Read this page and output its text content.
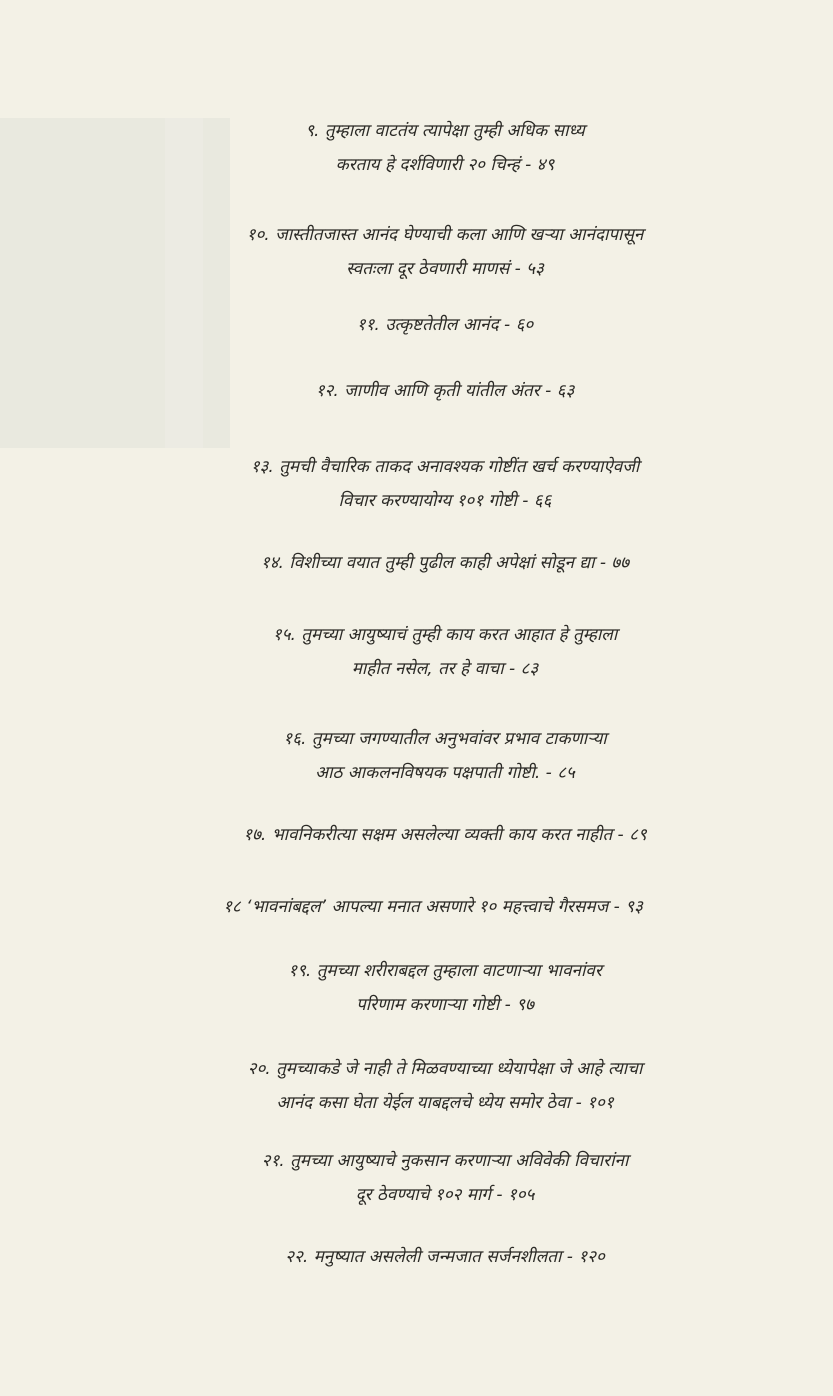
९. तुम्हाला वाटतंय त्यापेक्षा तुम्ही अधिक साध्य
करताय हे दर्शविणारी २० चिन्हं - ४९
१०. जास्तीतजास्त आनंद घेण्याची कला आणि खऱ्या आनंदापासून
स्वतःला दूर ठेवणारी माणसं - ५३
११. उत्कृष्टतेतील आनंद - ६०
१२. जाणीव आणि कृती यांतील अंतर - ६३
१३. तुमची वैचारिक ताकद अनावश्यक गोष्टींत खर्च करण्याऐवजी
विचार करण्यायोग्य १०१ गोष्टी - ६६
१४. विशीच्या वयात तुम्ही पुढील काही अपेक्षां सोडून द्या - ७७
१५. तुमच्या आयुष्याचं तुम्ही काय करत आहात हे तुम्हाला
माहीत नसेल, तर हे वाचा - ८३
१६. तुमच्या जगण्यातील अनुभवांवर प्रभाव टाकणाऱ्या
आठ आकलनविषयक पक्षपाती गोष्टी. - ८५
१७. भावनिकरीत्या सक्षम असलेल्या व्यक्ती काय करत नाहीत - ८९
१८ ‘भावनांबद्दल’ आपल्या मनात असणारे १० महत्त्वाचे गैरसमज - ९३
१९. तुमच्या शरीराबद्दल तुम्हाला वाटणाऱ्या भावनांवर
परिणाम करणाऱ्या गोष्टी - ९७
२०. तुमच्याकडे जे नाही ते मिळवण्याच्या ध्येयापेक्षा जे आहे त्याचा
आनंद कसा घेता येईल याबद्दलचे ध्येय समोर ठेवा - १०१
२१. तुमच्या आयुष्याचे नुकसान करणाऱ्या अविवेकी विचारांना
दूर ठेवण्याचे १०२ मार्ग - १०५
२२. मनुष्यात असलेली जन्मजात सर्जनशीलता - १२०
